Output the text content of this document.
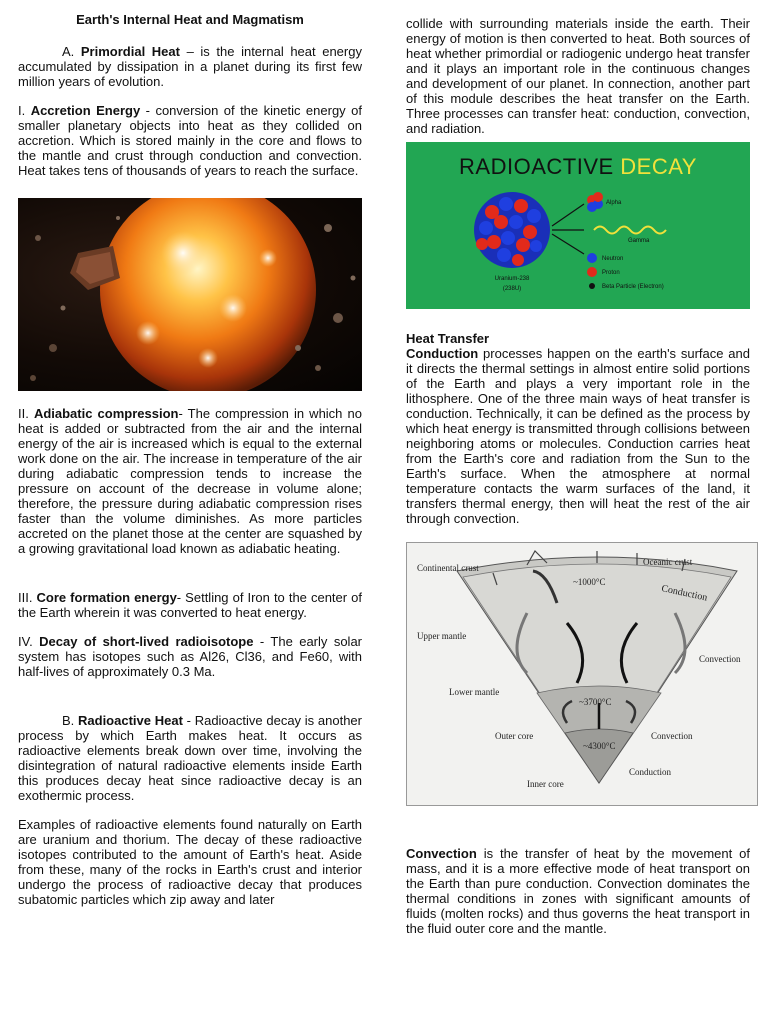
Earth's Internal Heat and Magmatism

A. Primordial Heat – is the internal heat energy accumulated by dissipation in a planet during its first few million years of evolution.

I. Accretion Energy - conversion of the kinetic energy of smaller planetary objects into heat as they collided on accretion. Which is stored mainly in the core and flows to the mantle and crust through conduction and convection. Heat takes tens of thousands of years to reach the surface.

II. Adiabatic compression- The compression in which no heat is added or subtracted from the air and the internal energy of the air is increased which is equal to the external work done on the air. The increase in temperature of the air during adiabatic compression tends to increase the pressure on account of the decrease in volume alone; therefore, the pressure during adiabatic compression rises faster than the volume diminishes. As more particles accreted on the planet those at the center are squashed by a growing gravitational load known as adiabatic heating.

III. Core formation energy- Settling of Iron to the center of the Earth wherein it was converted to heat energy.

IV. Decay of short-lived radioisotope - The early solar system has isotopes such as Al26, Cl36, and Fe60, with half-lives of approximately 0.3 Ma.

B. Radioactive Heat - Radioactive decay is another process by which Earth makes heat. It occurs as radioactive elements break down over time, involving the disintegration of natural radioactive elements inside Earth this produces decay heat since radioactive decay is an exothermic process.

Examples of radioactive elements found naturally on Earth are uranium and thorium. The decay of these radioactive isotopes contributed to the amount of Earth's heat. Aside from these, many of the rocks in Earth's crust and interior undergo the process of radioactive decay that produces subatomic particles which zip away and later

collide with surrounding materials inside the earth. Their energy of motion is then converted to heat. Both sources of heat whether primordial or radiogenic undergo heat transfer and it plays an important role in the continuous changes and development of our planet. In connection, another part of this module describes the heat transfer on the Earth. Three processes can transfer heat: conduction, convection, and radiation.

RADIOACTIVE DECAY
Alpha
Gamma
Neutron
Proton
Beta Particle (Electron)
Uranium-238
(238U)

Heat Transfer

Conduction processes happen on the earth's surface and it directs the thermal settings in almost entire solid portions of the Earth and plays a very important role in the lithosphere. One of the three main ways of heat transfer is conduction. Technically, it can be defined as the process by which heat energy is transmitted through collisions between neighboring atoms or molecules. Conduction carries heat from the Earth's core and radiation from the Sun to the Earth's surface. When the atmosphere at normal temperature contacts the warm surfaces of the land, it transfers thermal energy, then will heat the rest of the air through convection.

Continental crust
Oceanic crust
~1000°C
Conduction
Upper mantle
Convection
Lower mantle
~3700°C
Outer core	Convection
~4300°C
Conduction
Inner core

Convection is the transfer of heat by the movement of mass, and it is a more effective mode of heat transport on the Earth than pure conduction. Convection dominates the thermal conditions in zones with significant amounts of fluids (molten rocks) and thus governs the heat transport in the fluid outer core and the mantle.
